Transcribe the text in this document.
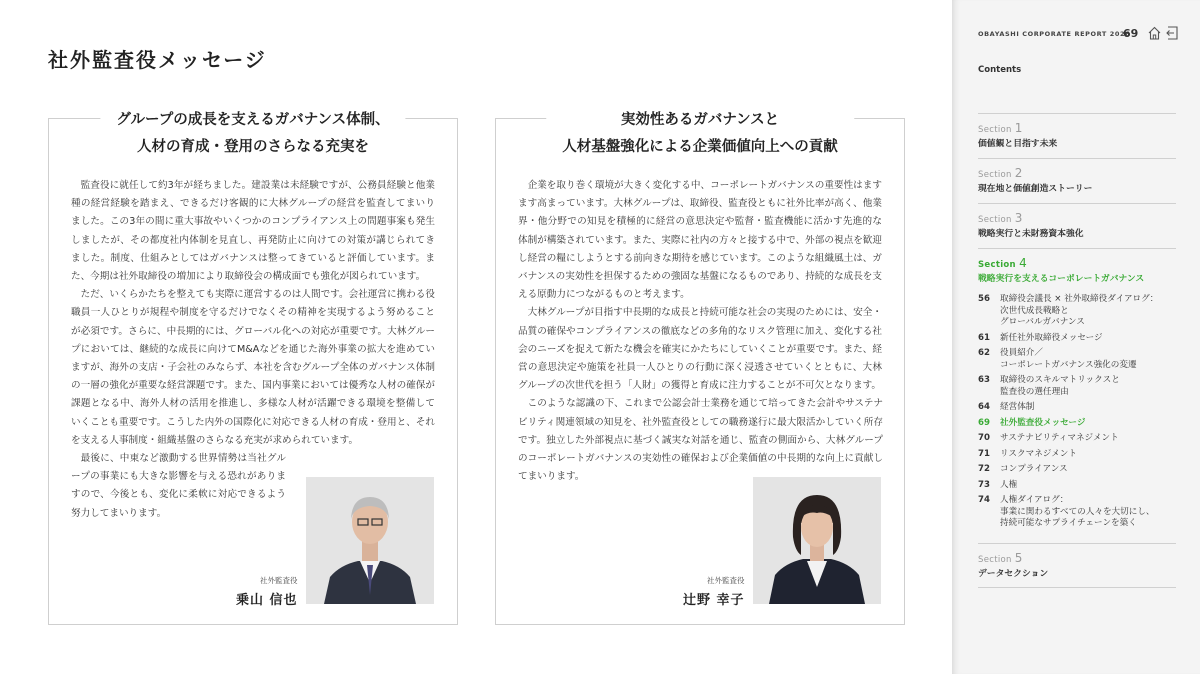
社外監査役メッセージ
グループの成長を支えるガバナンス体制、
人材の育成・登用のさらなる充実を

監査役に就任して約3年が経ちました。建設業は未経験ですが、公務員経験と他業種の経営経験を踏まえ、できるだけ客観的に大林グループの経営を監査してまいりました。この3年の間に重大事故やいくつかのコンプライアンス上の問題事案も発生しましたが、その都度社内体制を見直し、再発防止に向けての対策が講じられてきました。制度、仕組みとしてはガバナンスは整ってきていると評価しています。また、今期は社外取締役の増加により取締役会の構成面でも強化が図られています。

ただ、いくらかたちを整えても実際に運営するのは人間です。会社運営に携わる役職員一人ひとりが規程や制度を守るだけでなくその精神を実現するよう努めることが必須です。さらに、中長期的には、グローバル化への対応が重要です。大林グループにおいては、継続的な成長に向けてM&Aなどを通じた海外事業の拡大を進めていますが、海外の支店・子会社のみならず、本社を含むグループ全体のガバナンス体制の一層の強化が重要な経営課題です。また、国内事業においては優秀な人材の確保が課題となる中、海外人材の活用を推進し、多様な人材が活躍できる環境を整備していくことも重要です。こうした内外の国際化に対応できる人材の育成・登用と、それを支える人事制度・組織基盤のさらなる充実が求められています。

最後に、中東など激動する世界情勢は当社グループの事業にも大きな影響を与える恐れがありますので、今後とも、変化に柔軟に対応できるよう努力してまいります。

社外監査役
乗山 信也
実効性あるガバナンスと
人材基盤強化による企業価値向上への貢献

企業を取り巻く環境が大きく変化する中、コーポレートガバナンスの重要性はますます高まっています。大林グループは、取締役、監査役ともに社外比率が高く、他業界・他分野での知見を積極的に経営の意思決定や監督・監査機能に活かす先進的な体制が構築されています。また、実際に社内の方々と接する中で、外部の視点を歓迎し経営の糧にしようとする前向きな期待を感じています。このような組織風土は、ガバナンスの実効性を担保するための強固な基盤になるものであり、持続的な成長を支える原動力につながるものと考えます。

大林グループが目指す中長期的な成長と持続可能な社会の実現のためには、安全・品質の確保やコンプライアンスの徹底などの多角的なリスク管理に加え、変化する社会のニーズを捉えて新たな機会を確実にかたちにしていくことが重要です。また、経営の意思決定や施策を社員一人ひとりの行動に深く浸透させていくとともに、大林グループの次世代を担う「人財」の獲得と育成に注力することが不可欠となります。

このような認識の下、これまで公認会計士業務を通じて培ってきた会計やサステナビリティ関連領域の知見を、社外監査役としての職務遂行に最大限活かしていく所存です。独立した外部視点に基づく誠実な対話を通じ、監査の側面から、大林グループのコーポレートガバナンスの実効性の確保および企業価値の中長期的な向上に貢献してまいります。

社外監査役
辻野 幸子
OBAYASHI CORPORATE REPORT 2026
69
Contents
Section 1
価値観と目指す未来
Section 2
現在地と価値創造ストーリー
Section 3
戦略実行と未財務資本強化
Section 4
戦略実行を支えるコーポレートガバナンス
56	取締役会議長 × 社外取締役ダイアログ：
次世代成長戦略と
グローバルガバナンス
61	新任社外取締役メッセージ
62	役員紹介／
コーポレートガバナンス強化の変遷
63	取締役のスキルマトリックスと
監査役の選任理由
64	経営体制
69	社外監査役メッセージ
70	サステナビリティマネジメント
71	リスクマネジメント
72	コンプライアンス
73	人権
74	人権ダイアログ：
事業に関わるすべての人々を大切にし、
持続可能なサプライチェーンを築く
Section 5
データセクション
